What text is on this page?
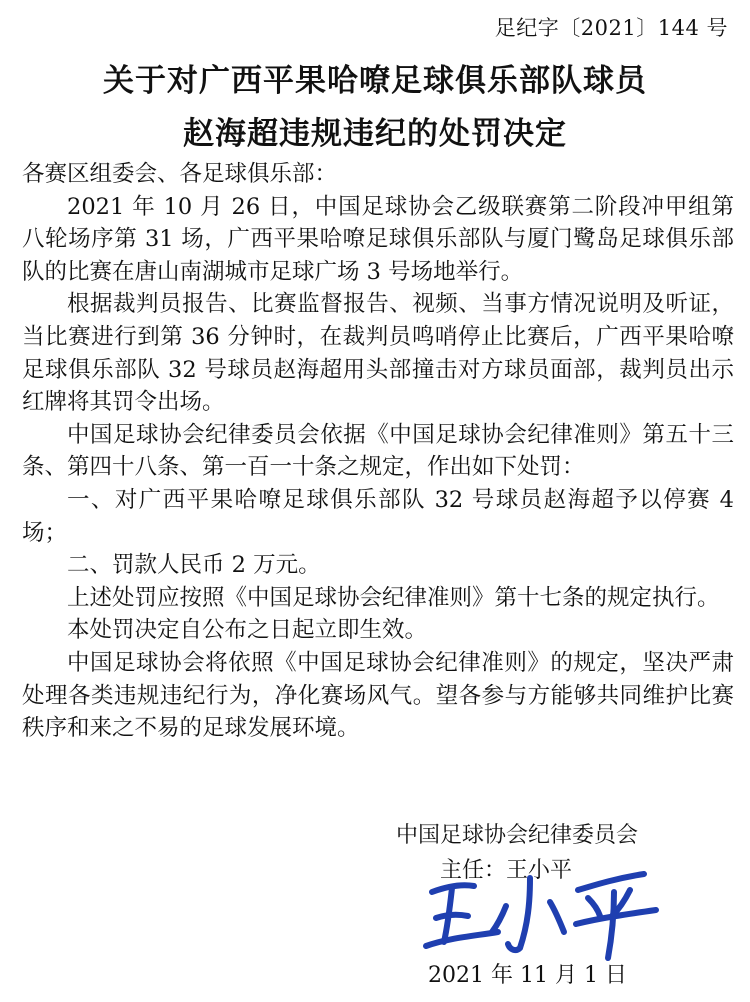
足纪字〔2021〕144 号
关于对广西平果哈嘹足球俱乐部队球员
赵海超违规违纪的处罚决定

各赛区组委会、各足球俱乐部：

2021 年 10 月 26 日，中国足球协会乙级联赛第二阶段冲甲组第八轮场序第 31 场，广西平果哈嘹足球俱乐部队与厦门鹭岛足球俱乐部队的比赛在唐山南湖城市足球广场 3 号场地举行。

根据裁判员报告、比赛监督报告、视频、当事方情况说明及听证，当比赛进行到第 36 分钟时，在裁判员鸣哨停止比赛后，广西平果哈嘹足球俱乐部队 32 号球员赵海超用头部撞击对方球员面部，裁判员出示红牌将其罚令出场。

中国足球协会纪律委员会依据《中国足球协会纪律准则》第五十三条、第四十八条、第一百一十条之规定，作出如下处罚：

一、对广西平果哈嘹足球俱乐部队 32 号球员赵海超予以停赛 4 场；

二、罚款人民币 2 万元。

上述处罚应按照《中国足球协会纪律准则》第十七条的规定执行。

本处罚决定自公布之日起立即生效。

中国足球协会将依照《中国足球协会纪律准则》的规定，坚决严肃处理各类违规违纪行为，净化赛场风气。望各参与方能够共同维护比赛秩序和来之不易的足球发展环境。

中国足球协会纪律委员会
主任：王小平
2021 年 11 月 1 日
